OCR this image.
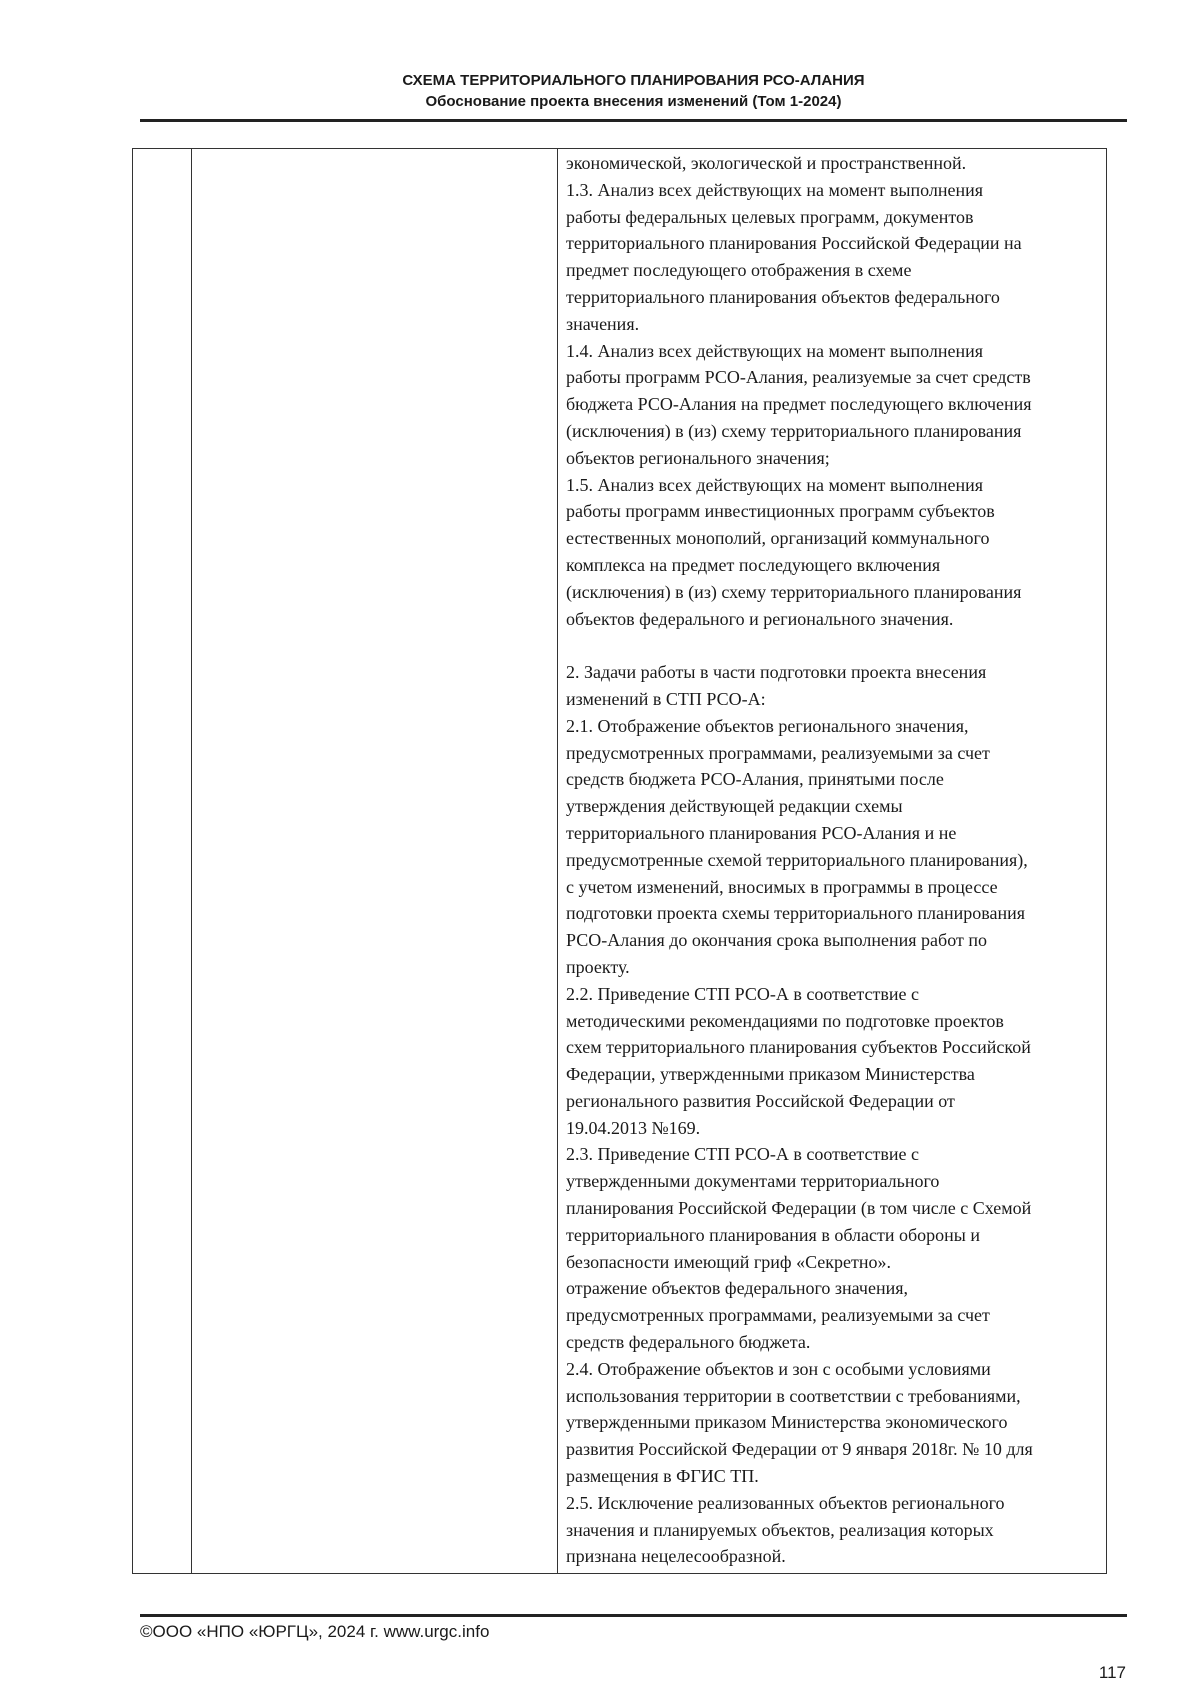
СХЕМА ТЕРРИТОРИАЛЬНОГО ПЛАНИРОВАНИЯ РСО-АЛАНИЯ
Обоснование проекта внесения изменений (Том 1-2024)

экономической, экологической и пространственной.

1.3. Анализ всех действующих на момент выполнения

работы федеральных целевых программ, документов

территориального планирования Российской Федерации на

предмет последующего отображения в схеме

территориального планирования объектов федерального

значения.

1.4. Анализ всех действующих на момент выполнения

работы программ РСО-Алания, реализуемые за счет средств

бюджета РСО-Алания на предмет последующего включения

(исключения) в (из) схему территориального планирования

объектов регионального значения;

1.5. Анализ всех действующих на момент выполнения

работы программ инвестиционных программ субъектов

естественных монополий, организаций коммунального

комплекса на предмет последующего включения

(исключения) в (из) схему территориального планирования

объектов федерального и регионального значения.

2. Задачи работы в части подготовки проекта внесения

изменений в СТП РСО-А:

2.1. Отображение объектов регионального значения,

предусмотренных программами, реализуемыми за счет

средств бюджета РСО-Алания, принятыми после

утверждения действующей редакции схемы

территориального планирования РСО-Алания и не

предусмотренные схемой территориального планирования),

с учетом изменений, вносимых в программы в процессе

подготовки проекта схемы территориального планирования

РСО-Алания до окончания срока выполнения работ по

проекту.

2.2. Приведение СТП РСО-А в соответствие с

методическими рекомендациями по подготовке проектов

схем территориального планирования субъектов Российской

Федерации, утвержденными приказом Министерства

регионального развития Российской Федерации от

19.04.2013 №169.

2.3. Приведение СТП РСО-А в соответствие с

утвержденными документами территориального

планирования Российской Федерации (в том числе с Схемой

территориального планирования в области обороны и

безопасности имеющий гриф «Секретно».

отражение объектов федерального значения,

предусмотренных программами, реализуемыми за счет

средств федерального бюджета.

2.4. Отображение объектов и зон с особыми условиями

использования территории в соответствии с требованиями,

утвержденными приказом Министерства экономического

развития Российской Федерации от 9 января 2018г. № 10 для

размещения в ФГИС ТП.

2.5. Исключение реализованных объектов регионального

значения и планируемых объектов, реализация которых

признана нецелесообразной.

©ООО «НПО «ЮРГЦ», 2024 г. www.urgc.info
117
